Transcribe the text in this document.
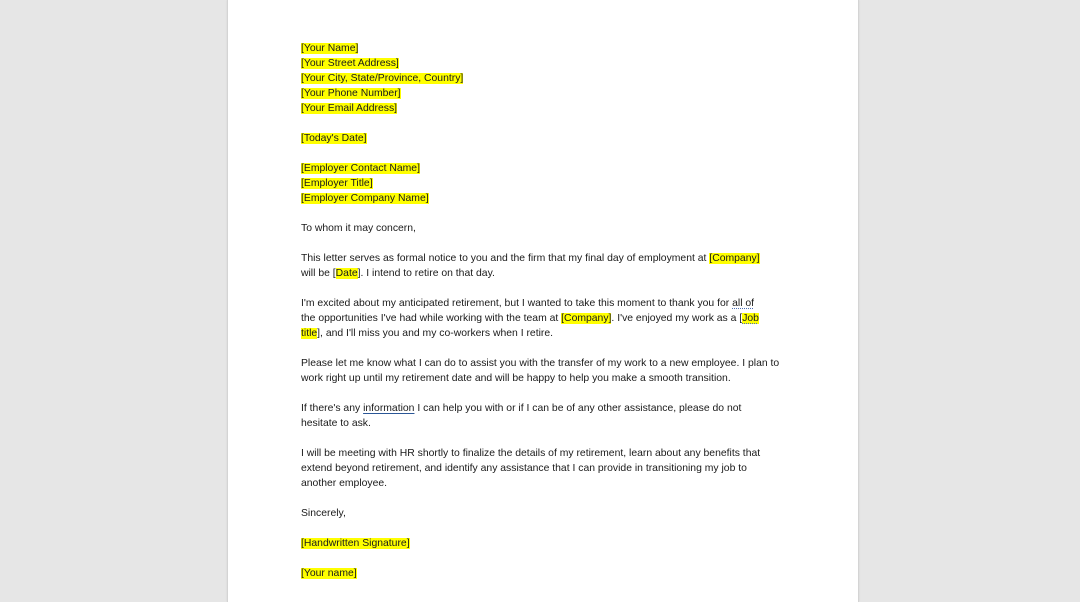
[Your Name]
[Your Street Address]
[Your City, State/Province, Country]
[Your Phone Number]
[Your Email Address]
[Today's Date]
[Employer Contact Name]
[Employer Title]
[Employer Company Name]
To whom it may concern,
This letter serves as formal notice to you and the firm that my final day of employment at [Company]
will be [Date]. I intend to retire on that day.
I'm excited about my anticipated retirement, but I wanted to take this moment to thank you for all of
the opportunities I've had while working with the team at [Company]. I've enjoyed my work as a [Job
title], and I'll miss you and my co-workers when I retire.
Please let me know what I can do to assist you with the transfer of my work to a new employee. I plan to
work right up until my retirement date and will be happy to help you make a smooth transition.
If there's any information I can help you with or if I can be of any other assistance, please do not
hesitate to ask.
I will be meeting with HR shortly to finalize the details of my retirement, learn about any benefits that
extend beyond retirement, and identify any assistance that I can provide in transitioning my job to
another employee.
Sincerely,
[Handwritten Signature]
[Your name]
